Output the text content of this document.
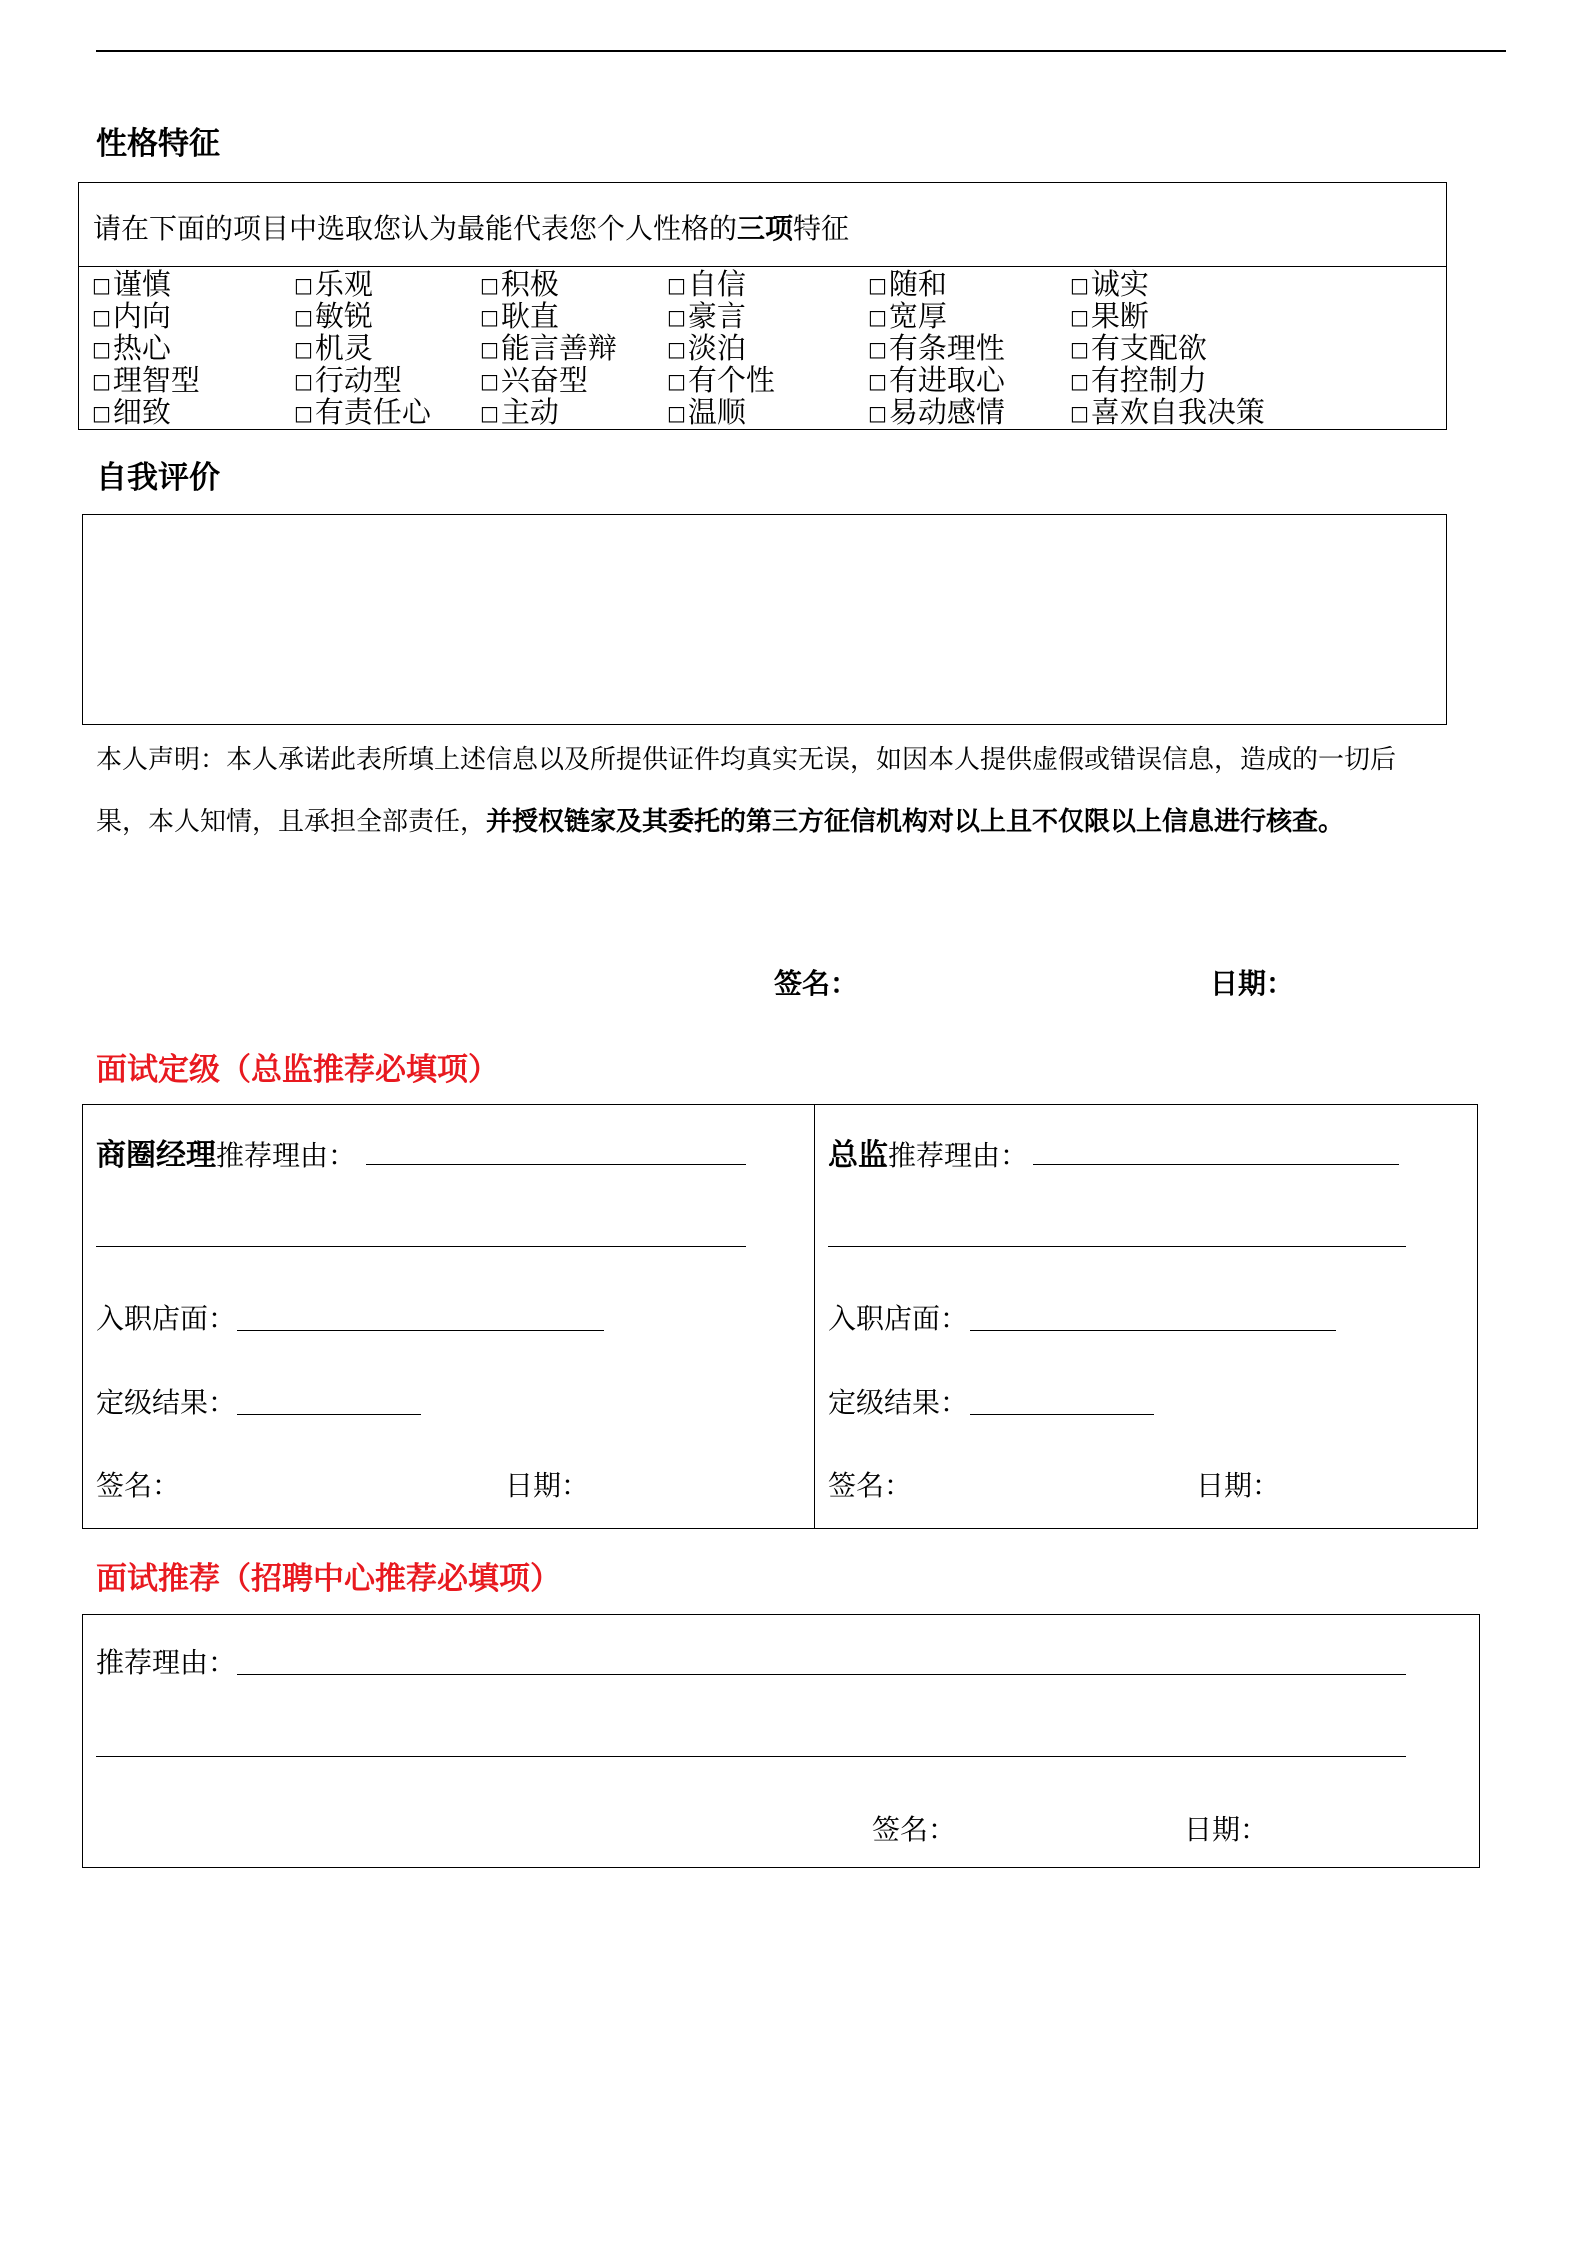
性格特征
请在下面的项目中选取您认为最能代表您个人性格的三项特征
□谨慎	□乐观	□积极	□自信	□随和	□诚实
□内向	□敏锐	□耿直	□豪言	□宽厚	□果断
□热心	□机灵	□能言善辩	□淡泊	□有条理性	□有支配欲
□理智型	□行动型	□兴奋型	□有个性	□有进取心	□有控制力
□细致	□有责任心 □主动	□温顺	□易动感情	□喜欢自我决策
自我评价
本人声明：本人承诺此表所填上述信息以及所提供证件均真实无误，如因本人提供虚假或错误信息，造成的一切后
果，本人知情，且承担全部责任，并授权链家及其委托的第三方征信机构对以上且不仅限以上信息进行核查。
签名：	日期：
面试定级（总监推荐必填项）
商圈经理推荐理由：
入职店面：
定级结果：
签名：	日期：
总监推荐理由：
入职店面：
定级结果：
签名：	日期：
面试推荐（招聘中心推荐必填项）
推荐理由：
签名：	日期：
